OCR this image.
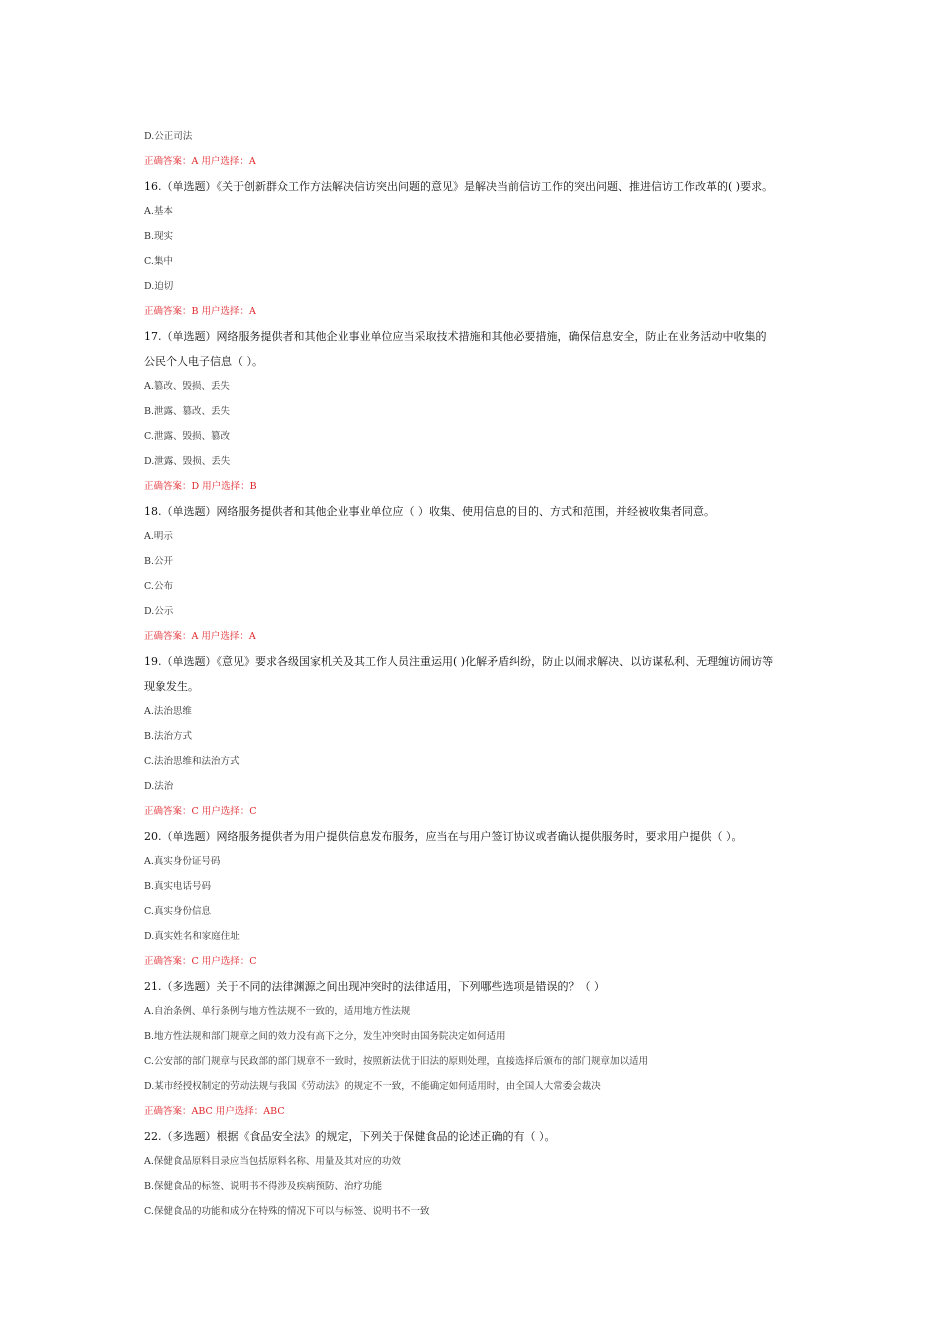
D.公正司法
正确答案：A 用户选择：A
16.（单选题）《关于创新群众工作方法解决信访突出问题的意见》是解决当前信访工作的突出问题、推进信访工作改革的( )要求。
A.基本
B.现实
C.集中
D.迫切
正确答案：B 用户选择：A
17.（单选题）网络服务提供者和其他企业事业单位应当采取技术措施和其他必要措施，确保信息安全，防止在业务活动中收集的
公民个人电子信息（ ）。
A.篡改、毁损、丢失
B.泄露、篡改、丢失
C.泄露、毁损、篡改
D.泄露、毁损、丢失
正确答案：D 用户选择：B
18.（单选题）网络服务提供者和其他企业事业单位应（ ）收集、使用信息的目的、方式和范围，并经被收集者同意。
A.明示
B.公开
C.公布
D.公示
正确答案：A 用户选择：A
19.（单选题）《意见》要求各级国家机关及其工作人员注重运用( )化解矛盾纠纷，防止以闹求解决、以访谋私利、无理缠访闹访等
现象发生。
A.法治思维
B.法治方式
C.法治思维和法治方式
D.法治
正确答案：C 用户选择：C
20.（单选题）网络服务提供者为用户提供信息发布服务，应当在与用户签订协议或者确认提供服务时，要求用户提供（ ）。
A.真实身份证号码
B.真实电话号码
C.真实身份信息
D.真实姓名和家庭住址
正确答案：C 用户选择：C
21.（多选题）关于不同的法律渊源之间出现冲突时的法律适用，下列哪些选项是错误的？（ ）
A.自治条例、单行条例与地方性法规不一致的，适用地方性法规
B.地方性法规和部门规章之间的效力没有高下之分，发生冲突时由国务院决定如何适用
C.公安部的部门规章与民政部的部门规章不一致时，按照新法优于旧法的原则处理，直接选择后颁布的部门规章加以适用
D.某市经授权制定的劳动法规与我国《劳动法》的规定不一致，不能确定如何适用时，由全国人大常委会裁决
正确答案：ABC 用户选择：ABC
22.（多选题）根据《食品安全法》的规定，下列关于保健食品的论述正确的有（ ）。
A.保健食品原料目录应当包括原料名称、用量及其对应的功效
B.保健食品的标签、说明书不得涉及疾病预防、治疗功能
C.保健食品的功能和成分在特殊的情况下可以与标签、说明书不一致
